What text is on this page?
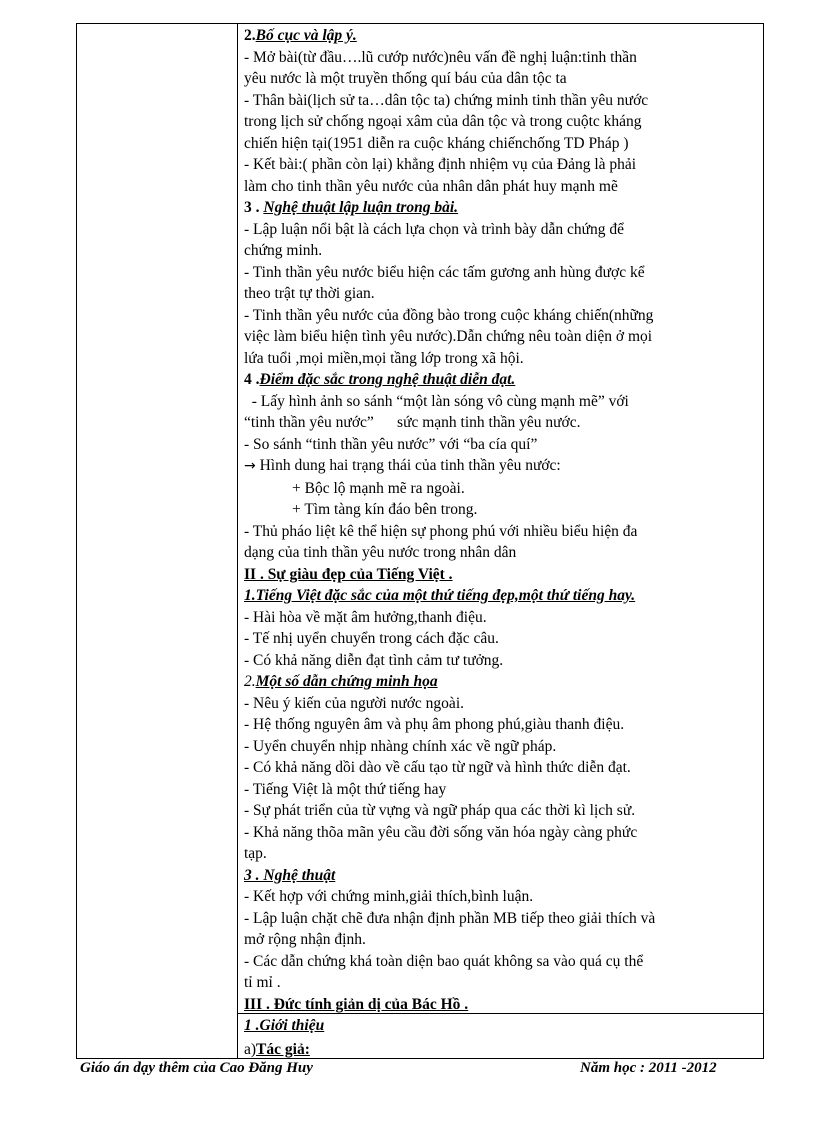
2.Bố cục và lập ý.
- Mở bài(từ đầu….lũ cướp nước)nêu vấn đề nghị luận:tinh thần
yêu nước là một truyền thống quí báu của dân tộc ta
- Thân bài(lịch sử ta…dân tộc ta) chứng minh tinh thần yêu nước
trong lịch sử chống ngoại xâm của dân tộc và trong cuộtc kháng
chiến hiện tại(1951 diễn ra cuộc kháng chiếnchống TD Pháp )
- Kết bài:( phần còn lại) khẳng định nhiệm vụ của Đảng là phải
làm cho tinh thần yêu nước của nhân dân phát huy mạnh mẽ
3 . Nghệ thuật lập luận trong bài.
- Lập luận nổi bật là cách lựa chọn và trình bày dẫn chứng để
chứng minh.
- Tinh thần yêu nước biểu hiện các tấm gương anh hùng được kể
theo trật tự thời gian.
- Tinh thần yêu nước của đồng bào trong cuộc kháng chiến(những
việc làm biểu hiện tình yêu nước).Dẫn chứng nêu toàn diện ở mọi
lứa tuổi ,mọi miền,mọi tầng lớp trong xã hội.
4 .Điểm đặc sắc trong nghệ thuật diễn đạt.
- Lấy hình ảnh so sánh “một làn sóng vô cùng mạnh mẽ” với
“tinh thần yêu nước”      sức mạnh tinh thần yêu nước.
- So sánh “tinh thần yêu nước” với “ba cía quí”
→ Hình dung hai trạng thái của tinh thần yêu nước:
+ Bộc lộ mạnh mẽ ra ngoài.
+ Tìm tàng kín đáo bên trong.
- Thủ pháo liệt kê thể hiện sự phong phú với nhiều biểu hiện đa
dạng của tinh thần yêu nước trong nhân dân
II . Sự giàu đẹp của Tiếng Việt .
1.Tiếng Việt đặc sắc của một thứ tiếng đẹp,một thứ tiếng hay.
- Hài hòa về mặt âm hưởng,thanh điệu.
- Tế nhị uyển chuyển trong cách đặc câu.
- Có khả năng diễn đạt tình cảm tư tưởng.
2.Một số dẫn chứng minh họa
- Nêu ý kiến của người nước ngoài.
- Hệ thống nguyên âm và phụ âm phong phú,giàu thanh điệu.
- Uyển chuyển nhịp nhàng chính xác về ngữ pháp.
- Có khả năng dồi dào về cấu tạo từ ngữ và hình thức diễn đạt.
- Tiếng Việt là một thứ tiếng hay
- Sự phát triển của từ vựng và ngữ pháp qua các thời kì lịch sử.
- Khả năng thõa mãn yêu cầu đời sống văn hóa ngày càng phức
tạp.
3 . Nghệ thuật
- Kết hợp với chứng minh,giải thích,bình luận.
- Lập luận chặt chẽ đưa nhận định phần MB tiếp theo giải thích và
mở rộng nhận định.
- Các dẫn chứng khá toàn diện bao quát không sa vào quá cụ thể
tỉ mỉ .
III . Đức tính giản dị của Bác Hồ .
1 .Giới thiệu
a)Tác giả:
Giáo án dạy thêm của Cao Đăng Huy	Năm học : 2011 -2012
